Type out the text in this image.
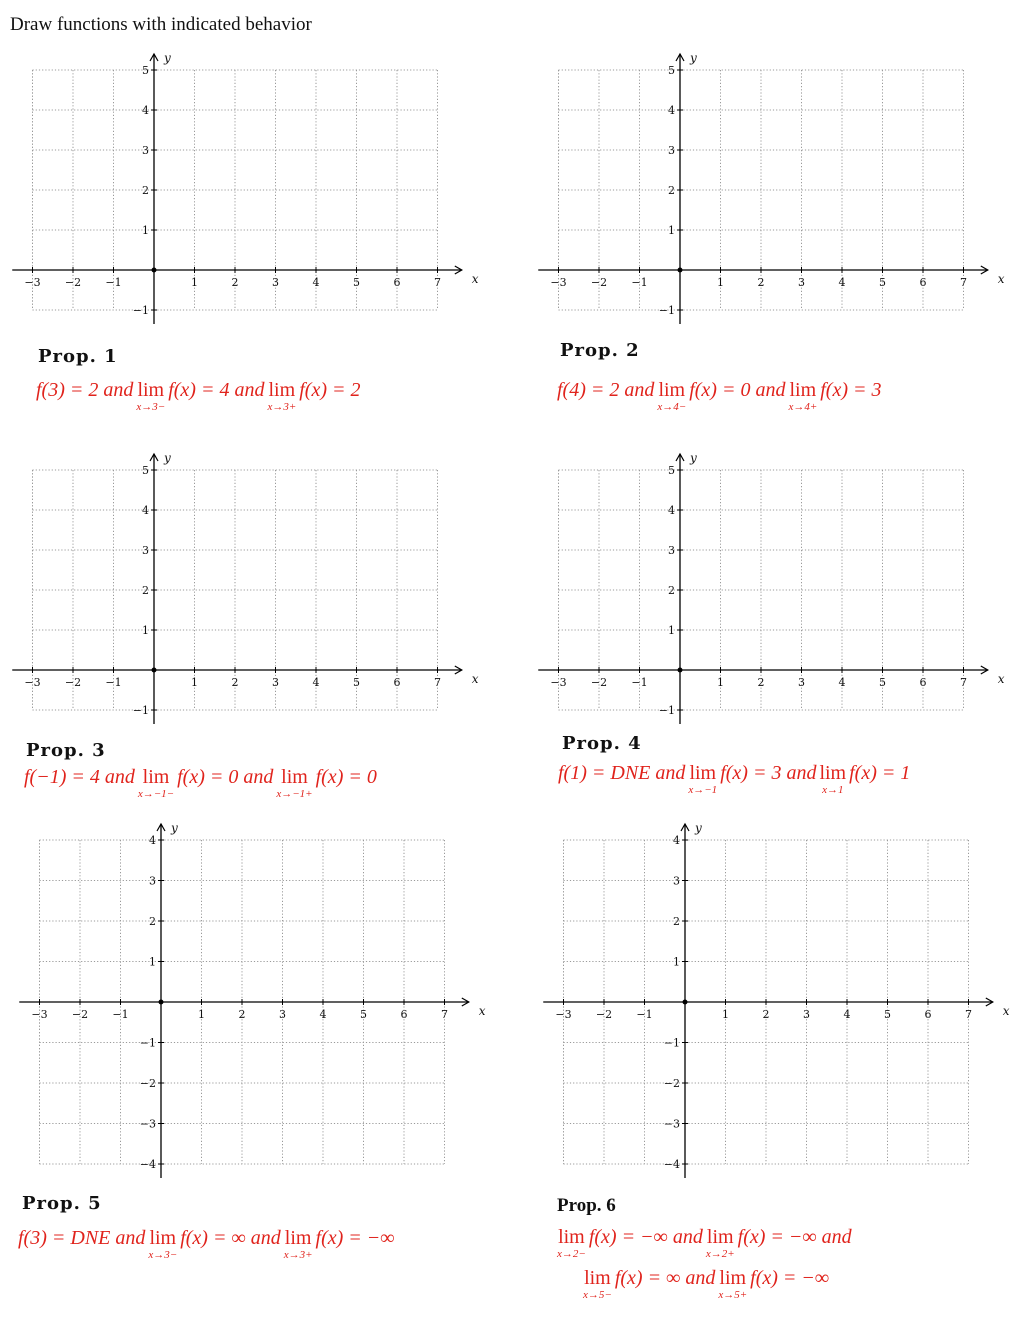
Draw functions with indicated behavior
−3 −2 −1	1	2	3	4	5	6	7
5
4
3
2
1
−1
x
y
−3 −2 −1	1	2	3	4	5	6	7
5
4
3
2
1
−1
x
y
−3 −2 −1	1	2	3	4	5	6	7
5
4
3
2
1
−1
x
y
−3 −2 −1	1	2	3	4	5	6	7
5
4
3
2
1
−1
x
y
−3 −2 −1	1	2	3	4	5	6	7
4
3
2
1
−1
−2
−3
−4
x
y
−3 −2 −1	1	2	3	4	5	6	7
4
3
2
1
−1
−2
−3
−4
x
y
Prop. 1
f(3) = 2 and lim
x→3−
f(x) = 4 and lim
x→3+
f(x) = 2
Prop. 2
f(4) = 2 and lim
x→4−
f(x) = 0 and lim
x→4+
f(x) = 3
Prop. 3
f(−1) = 4 and lim
x→−1−
f(x) = 0 and lim
x→−1+
f(x) = 0
Prop. 4
f(1) = DNE and lim
x→−1
f(x) = 3 and lim
x→1
f(x) = 1
Prop. 5
f(3) = DNE and lim
x→3−
f(x) = ∞ and lim
x→3+
f(x) = −∞
Prop. 6
lim
x→2−
f(x) = −∞ and lim
x→2+
f(x) = −∞ and
lim
x→5−
f(x) = ∞ and lim
x→5+
f(x) = −∞
